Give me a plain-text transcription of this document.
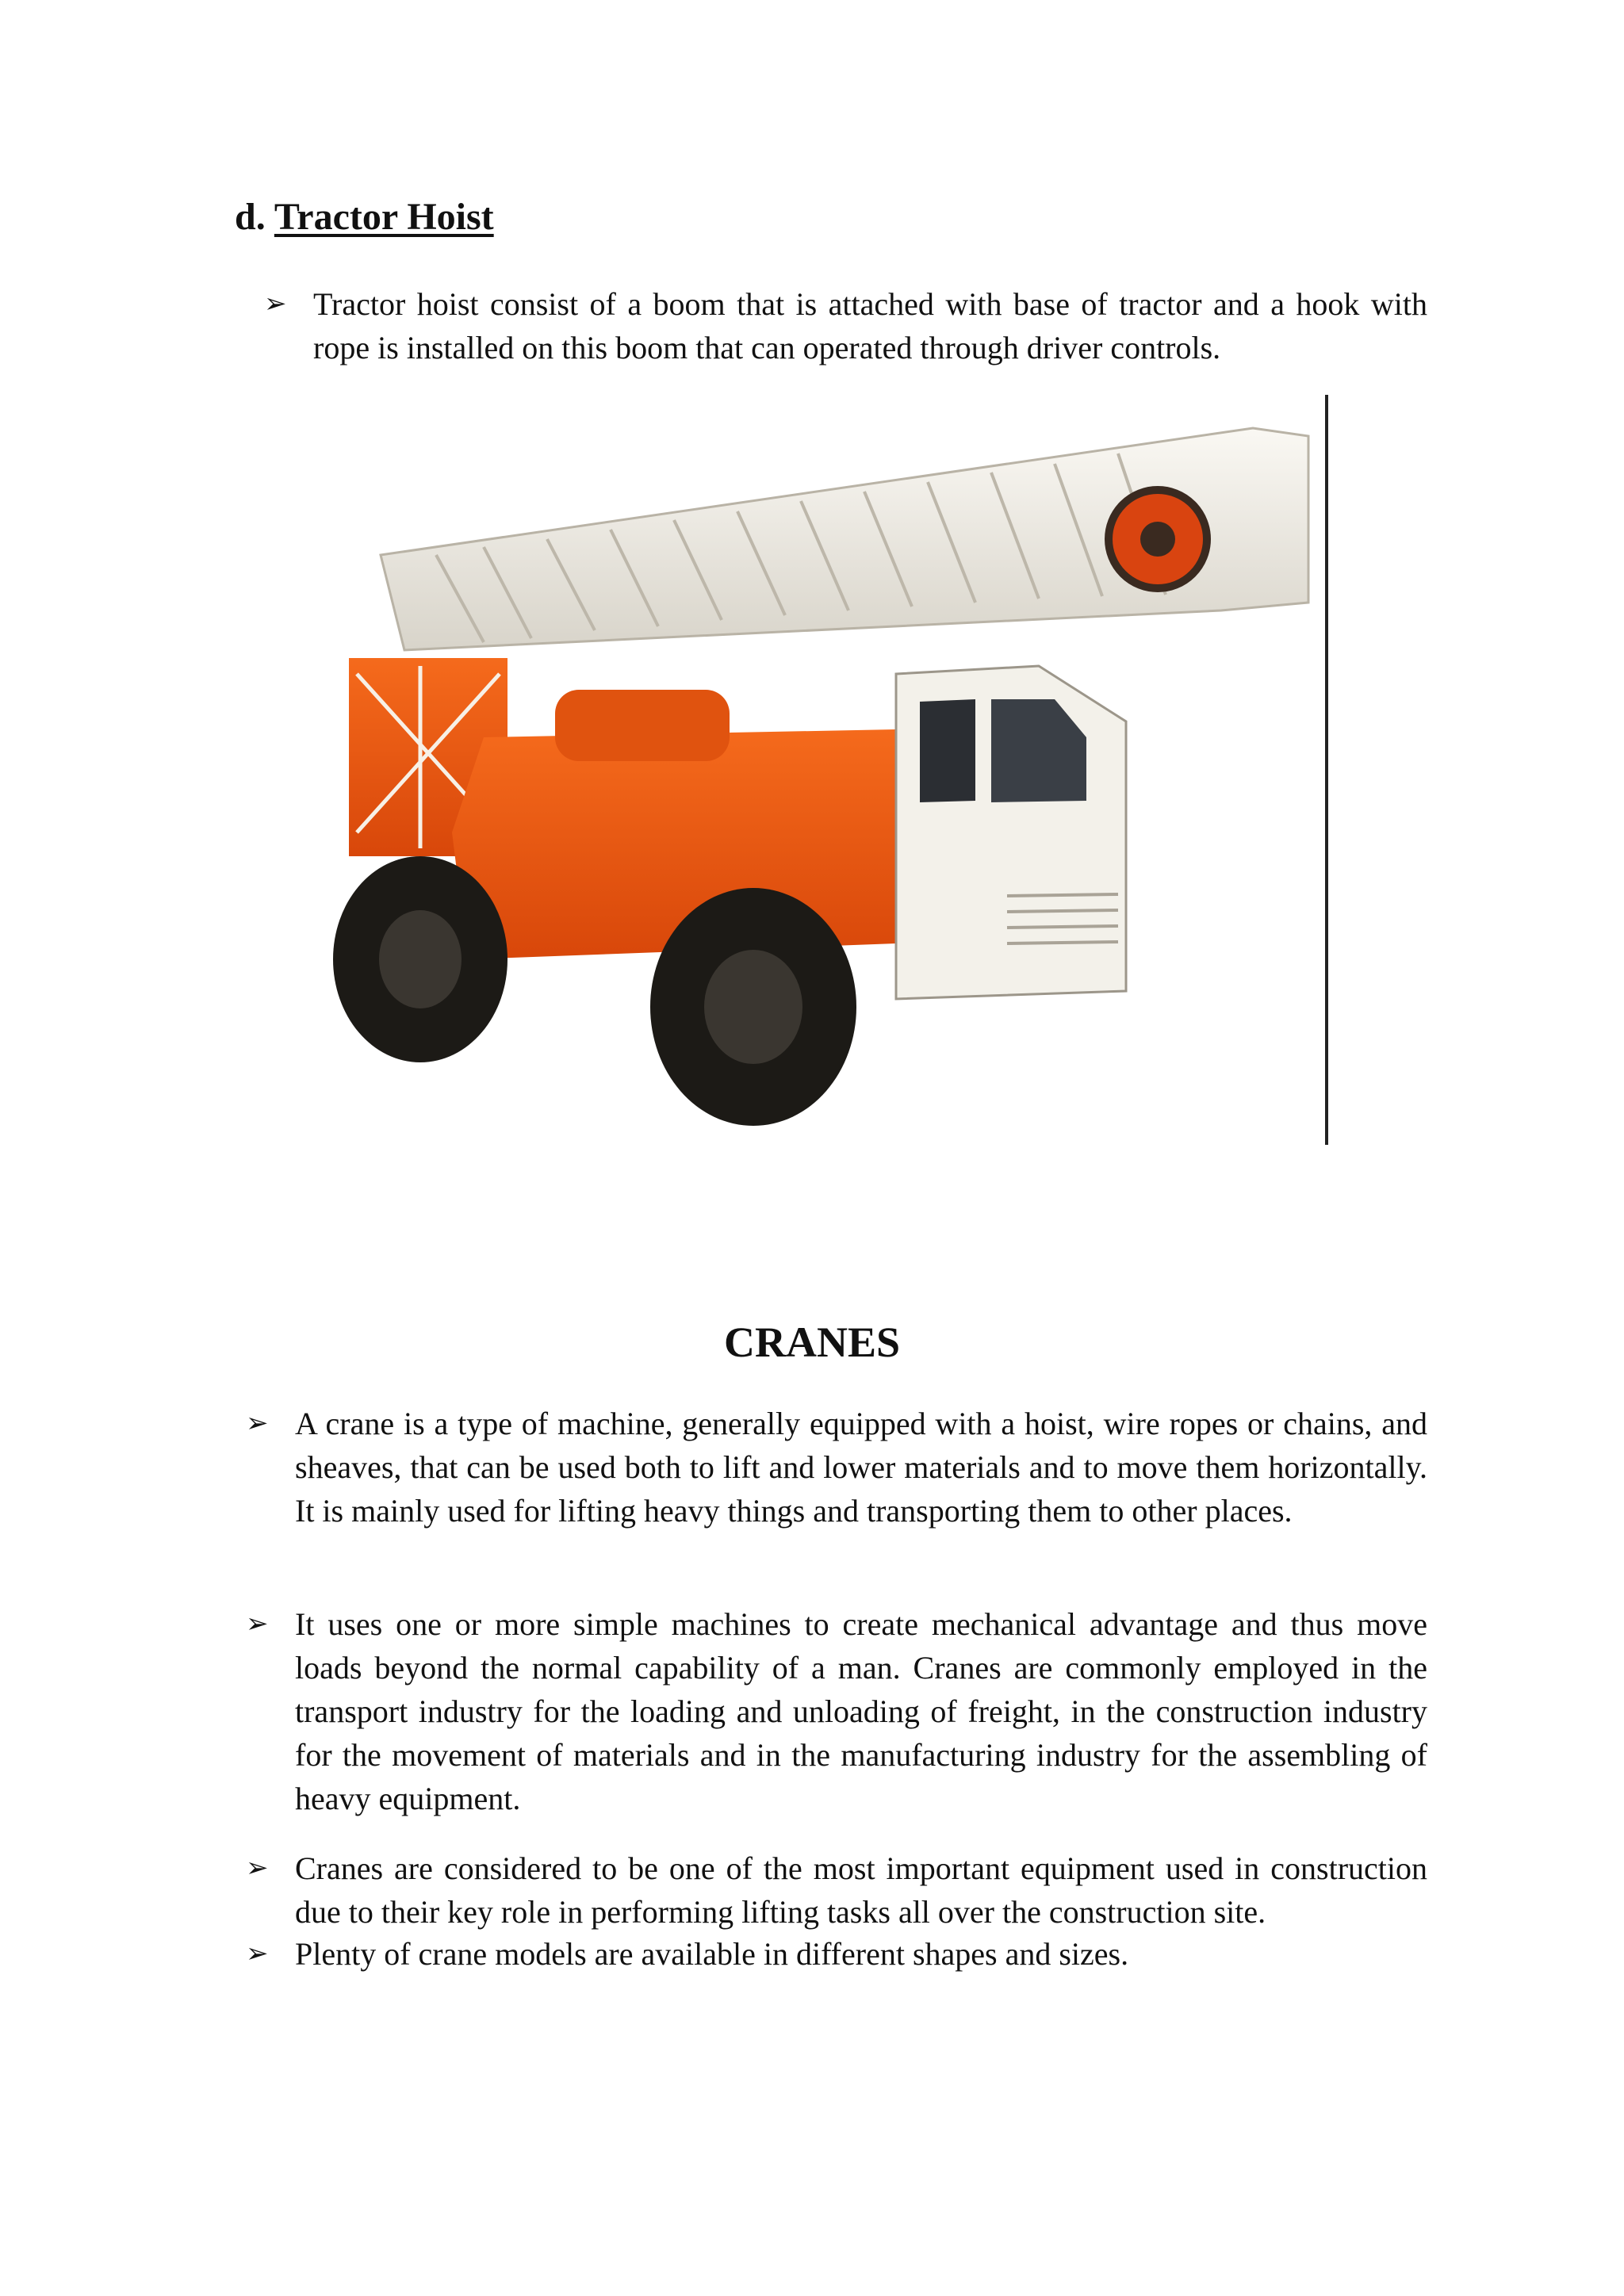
d. Tractor Hoist
➢ Tractor hoist consist of a boom that is attached with base of tractor and a hook with rope is installed on this boom that can operated through driver controls.
CRANES
➢ A crane is a type of machine, generally equipped with a hoist, wire ropes or chains, and sheaves, that can be used both to lift and lower materials and to move them horizontally. It is mainly used for lifting heavy things and transporting them to other places.
➢ It uses one or more simple machines to create mechanical advantage and thus move loads beyond the normal capability of a man. Cranes are commonly employed in the transport industry for the loading and unloading of freight, in the construction industry for the movement of materials and in the manufacturing industry for the assembling of heavy equipment.
➢ Cranes are considered to be one of the most important equipment used in construction due to their key role in performing lifting tasks all over the construction site.
➢ Plenty of crane models are available in different shapes and sizes.
